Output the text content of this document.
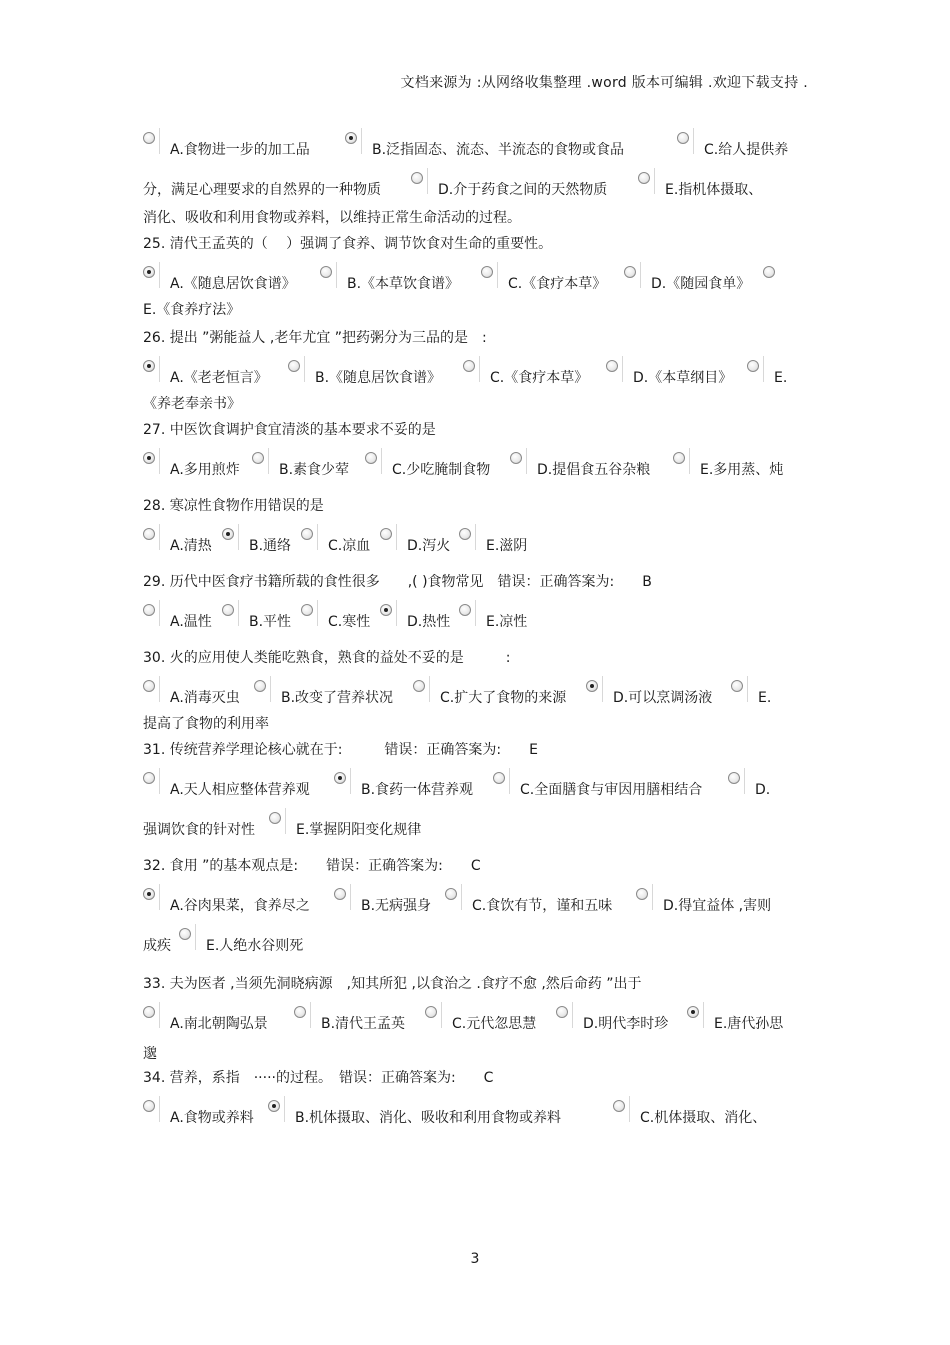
文档来源为 :从网络收集整理 .word 版本可编辑 .欢迎下载支持 .
A.食物进一步的加工品	B.泛指固态、流态、半流态的食物或食品	C.给人提供养
分，满足心理要求的自然界的一种物质	D.介于药食之间的天然物质	E.指机体摄取、
消化、吸收和利用食物或养料，以维持正常生命活动的过程。
25. 清代王孟英的（　 ）强调了食养、调节饮食对生命的重要性。
A.《随息居饮食谱》	B.《本草饮食谱》	C.《食疗本草》	D.《随园食单》
E.《食养疗法》
26. 提出 ”粥能益人 ,老年尤宜 ”把药粥分为三品的是　:
A.《老老恒言》	B.《随息居饮食谱》	C.《食疗本草》	D.《本草纲目》	E.
《养老奉亲书》
27. 中医饮食调护食宜清淡的基本要求不妥的是
A.多用煎炸	B.素食少荤	C.少吃腌制食物	D.提倡食五谷杂粮	E.多用蒸、炖
28. 寒凉性食物作用错误的是
A.清热	B.通络	C.凉血	D.泻火	E.滋阴
29. 历代中医食疗书籍所载的食性很多　　,( )食物常见　错误：正确答案为:　　B
A.温性	B.平性	C.寒性	D.热性	E.凉性
30. 火的应用使人类能吃熟食，熟食的益处不妥的是　　　:
A.消毒灭虫	B.改变了营养状况	C.扩大了食物的来源	D.可以烹调汤液	E.
提高了食物的利用率
31. 传统营养学理论核心就在于:　　　错误：正确答案为:　　E
A.天人相应整体营养观	B.食药一体营养观	C.全面膳食与审因用膳相结合	D.
强调饮食的针对性	E.掌握阴阳变化规律
32. 食用 ”的基本观点是:　　错误：正确答案为:　　C
A.谷肉果菜，食养尽之	B.无病强身	C.食饮有节，谨和五味	D.得宜益体 ,害则
成疾	E.人绝水谷则死
33. 夫为医者 ,当须先洞晓病源　,知其所犯 ,以食治之 .食疗不愈 ,然后命药 ”出于
A.南北朝陶弘景	B.清代王孟英	C.元代忽思慧	D.明代李时珍	E.唐代孙思
邈
34. 营养，系指　·····的过程。　错误：正确答案为:　　C
A.食物或养料	B.机体摄取、消化、吸收和利用食物或养料	C.机体摄取、消化、
3
